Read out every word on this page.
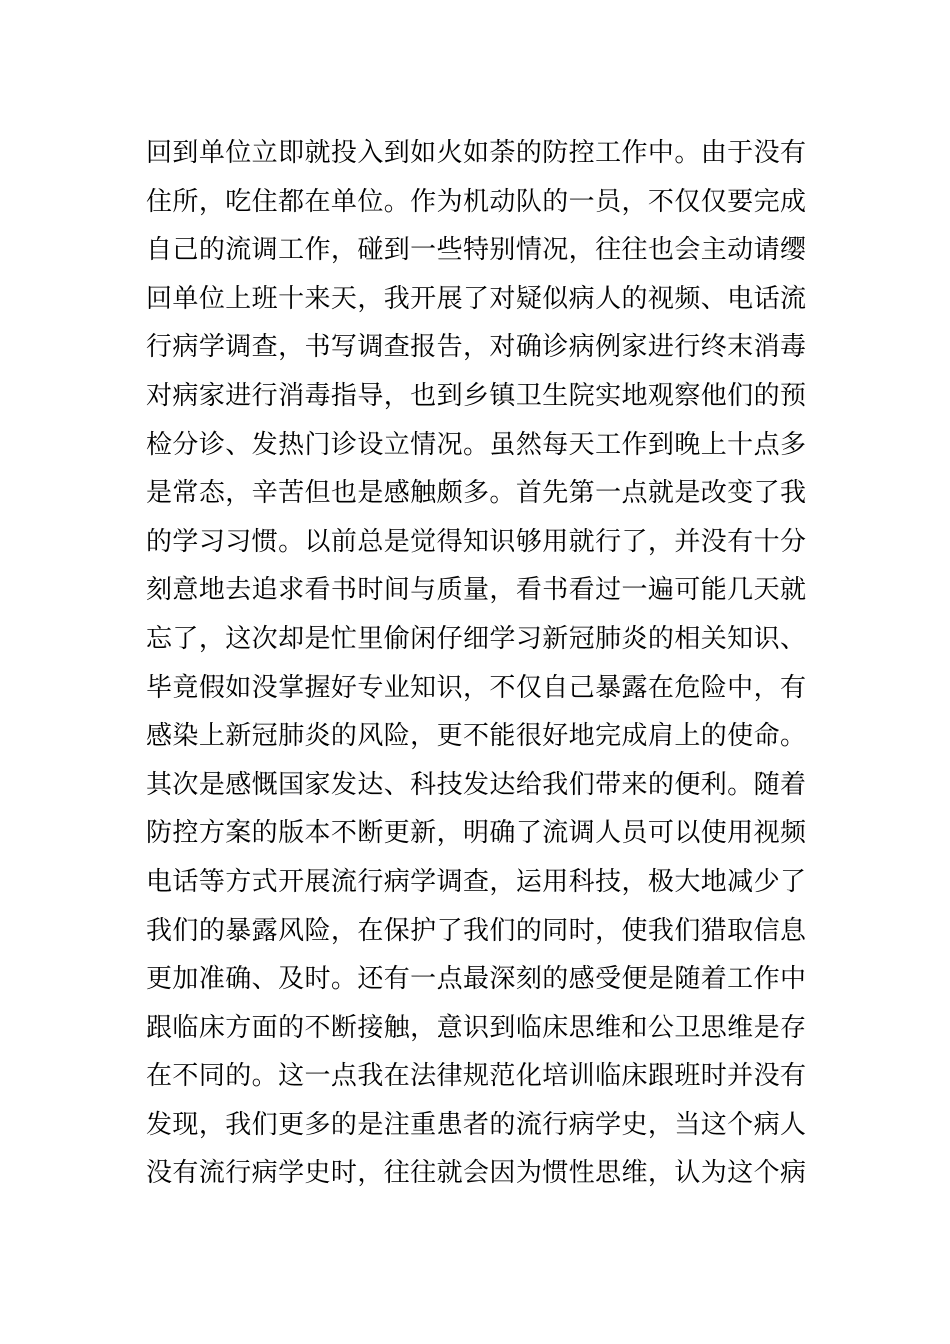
回到单位立即就投入到如火如荼的防控工作中。由于没有
住所，吃住都在单位。作为机动队的一员，不仅仅要完成
自己的流调工作，碰到一些特别情况，往往也会主动请缨
回单位上班十来天，我开展了对疑似病人的视频、电话流
行病学调查，书写调查报告，对确诊病例家进行终末消毒
对病家进行消毒指导，也到乡镇卫生院实地观察他们的预
检分诊、发热门诊设立情况。虽然每天工作到晚上十点多
是常态，辛苦但也是感触颇多。首先第一点就是改变了我
的学习习惯。以前总是觉得知识够用就行了，并没有十分
刻意地去追求看书时间与质量，看书看过一遍可能几天就
忘了，这次却是忙里偷闲仔细学习新冠肺炎的相关知识、
毕竟假如没掌握好专业知识，不仅自己暴露在危险中，有
感染上新冠肺炎的风险，更不能很好地完成肩上的使命。
其次是感慨国家发达、科技发达给我们带来的便利。随着
防控方案的版本不断更新，明确了流调人员可以使用视频
电话等方式开展流行病学调查，运用科技，极大地减少了
我们的暴露风险，在保护了我们的同时，使我们猎取信息
更加准确、及时。还有一点最深刻的感受便是随着工作中
跟临床方面的不断接触，意识到临床思维和公卫思维是存
在不同的。这一点我在法律规范化培训临床跟班时并没有
发现，我们更多的是注重患者的流行病学史，当这个病人
没有流行病学史时，往往就会因为惯性思维，认为这个病
